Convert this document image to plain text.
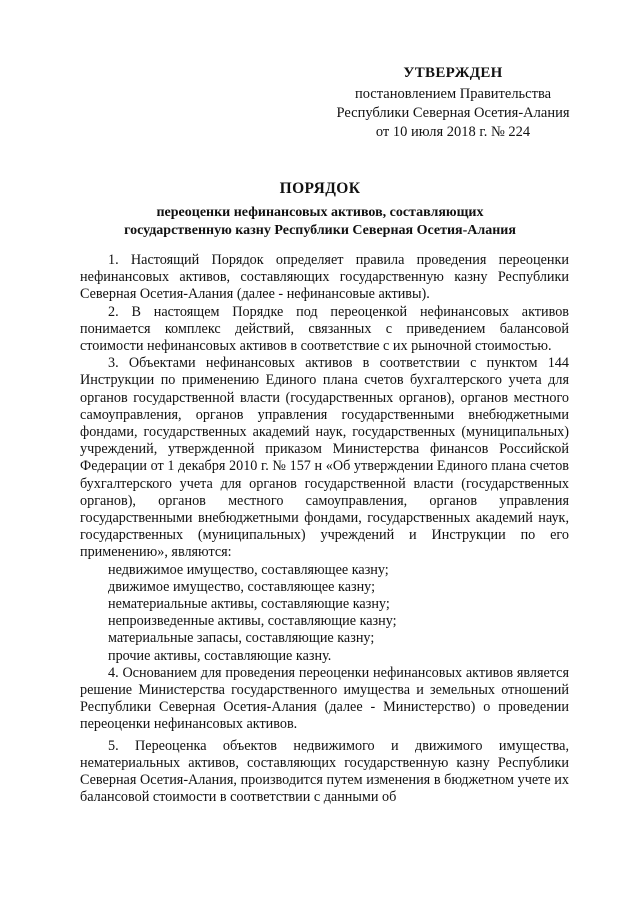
УТВЕРЖДЕН
постановлением Правительства
Республики Северная Осетия-Алания
от 10 июля 2018 г. № 224
ПОРЯДОК
переоценки нефинансовых активов, составляющих
государственную казну Республики Северная Осетия-Алания

1. Настоящий Порядок определяет правила проведения переоценки нефинансовых активов, составляющих государственную казну Республики Северная Осетия-Алания (далее - нефинансовые активы).

2. В настоящем Порядке под переоценкой нефинансовых активов понимается комплекс действий, связанных с приведением балансовой стоимости нефинансовых активов в соответствие с их рыночной стоимостью.

3. Объектами нефинансовых активов в соответствии с пунктом 144 Инструкции по применению Единого плана счетов бухгалтерского учета для органов государственной власти (государственных органов), органов местного самоуправления, органов управления государственными внебюджетными фондами, государственных академий наук, государственных (муниципальных) учреждений, утвержденной приказом Министерства финансов Российской Федерации от 1 декабря 2010 г. № 157 н «Об утверждении Единого плана счетов бухгалтерского учета для органов государственной власти (государственных органов), органов местного самоуправления, органов управления государственными внебюджетными фондами, государственных академий наук, государственных (муниципальных) учреждений и Инструкции по его применению», являются:

недвижимое имущество, составляющее казну;

движимое имущество, составляющее казну;

нематериальные активы, составляющие казну;

непроизведенные активы, составляющие казну;

материальные запасы, составляющие казну;

прочие активы, составляющие казну.

4. Основанием для проведения переоценки нефинансовых активов является решение Министерства государственного имущества и земельных отношений Республики Северная Осетия-Алания (далее - Министерство) о проведении переоценки нефинансовых активов.

5. Переоценка объектов недвижимого и движимого имущества, нематериальных активов, составляющих государственную казну Республики Северная Осетия-Алания, производится путем изменения в бюджетном учете их балансовой стоимости в соответствии с данными об
